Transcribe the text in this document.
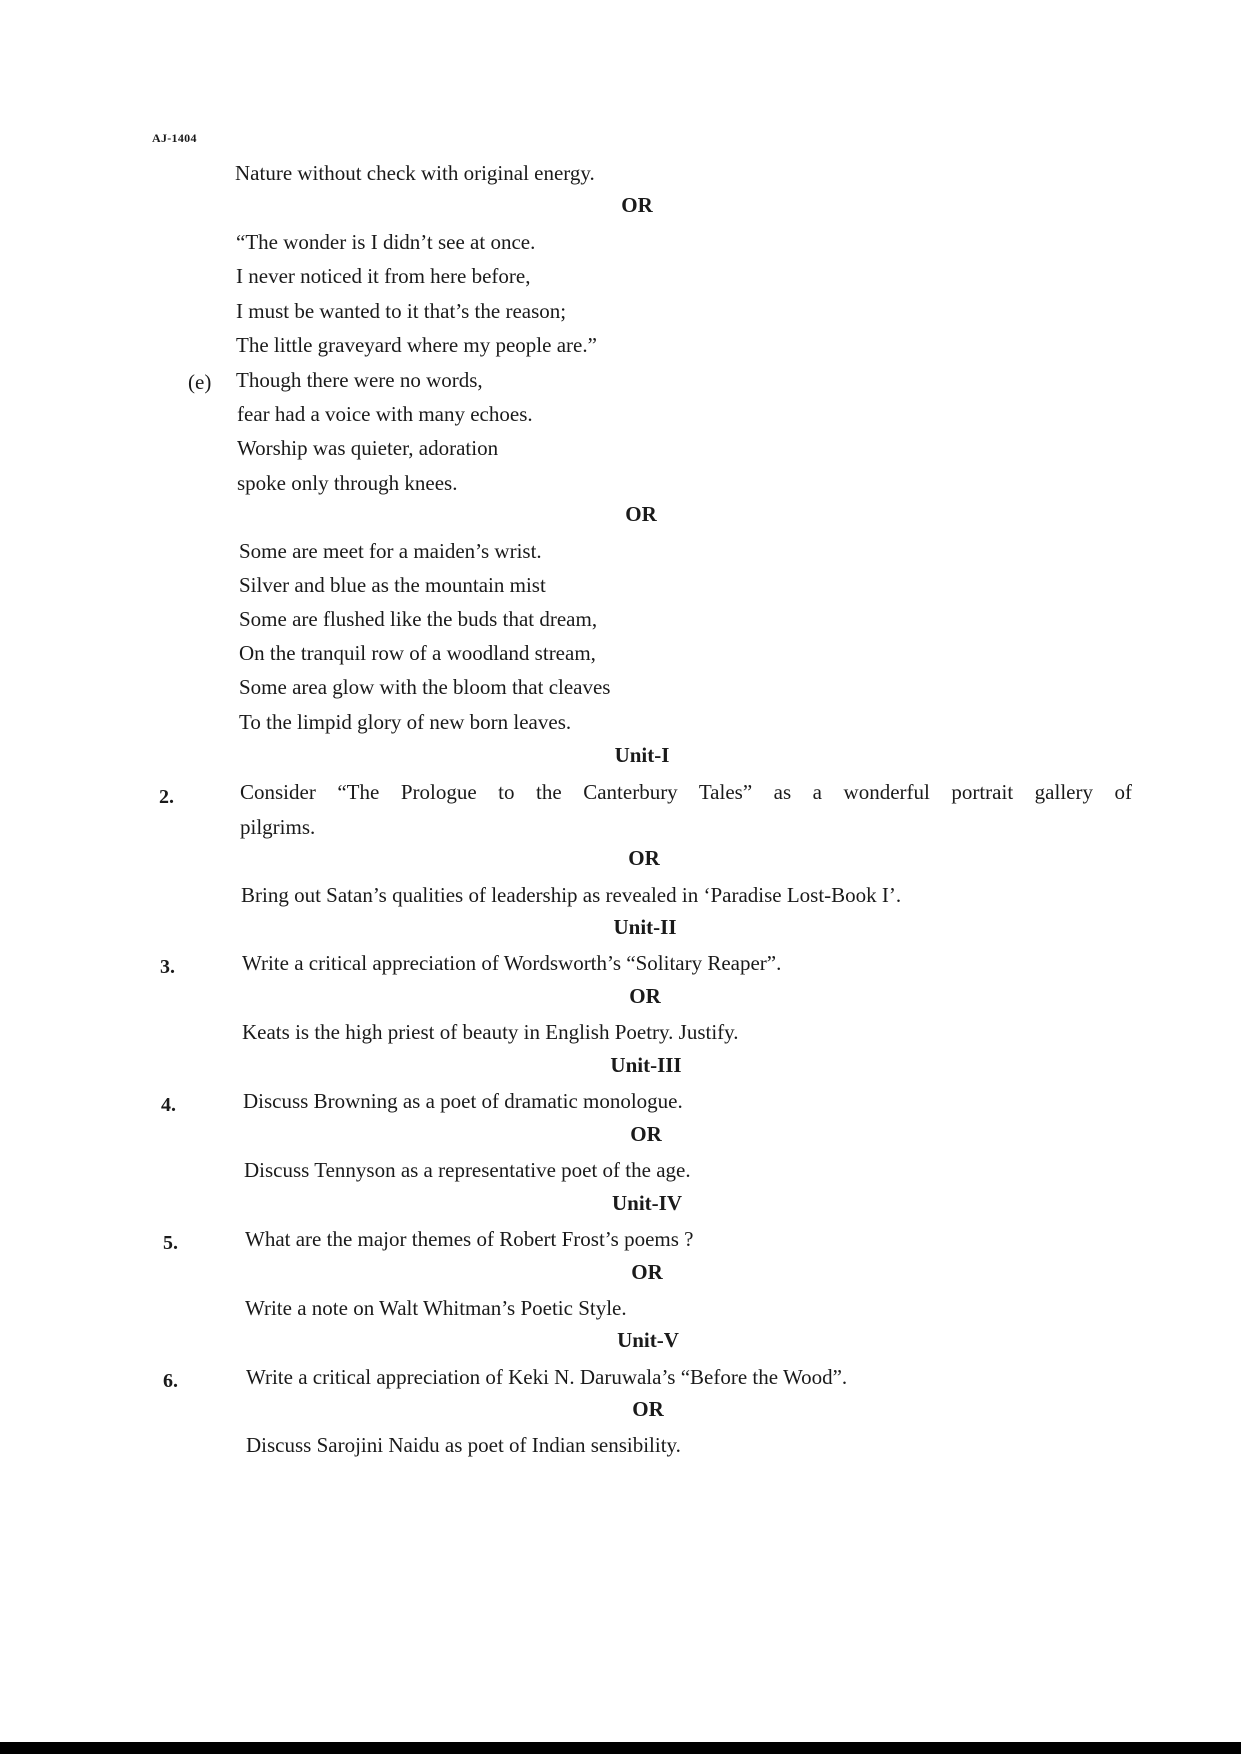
AJ-1404
Nature without check with original energy.
OR
“The wonder is I didn’t see at once.
I never noticed it from here before,
I must be wanted to it that’s the reason;
The little graveyard where my people are.”
(e) Though there were no words,
fear had a voice with many echoes.
Worship was quieter, adoration
spoke only through knees.
OR
Some are meet for a maiden’s wrist.
Silver and blue as the mountain mist
Some are flushed like the buds that dream,
On the tranquil row of a woodland stream,
Some area glow with the bloom that cleaves
To the limpid glory of new born leaves.
Unit-I
2.	Consider “The Prologue to the Canterbury Tales” as a wonderful portrait gallery of
pilgrims.
OR
Bring out Satan’s qualities of leadership as revealed in ‘Paradise Lost-Book I’.
Unit-II
3.	Write a critical appreciation of Wordsworth’s “Solitary Reaper”.
OR
Keats is the high priest of beauty in English Poetry. Justify.
Unit-III
4.	Discuss Browning as a poet of dramatic monologue.
OR
Discuss Tennyson as a representative poet of the age.
Unit-IV
5.	What are the major themes of Robert Frost’s poems ?
OR
Write a note on Walt Whitman’s Poetic Style.
Unit-V
6.	Write a critical appreciation of Keki N. Daruwala’s “Before the Wood”.
OR
Discuss Sarojini Naidu as poet of Indian sensibility.
